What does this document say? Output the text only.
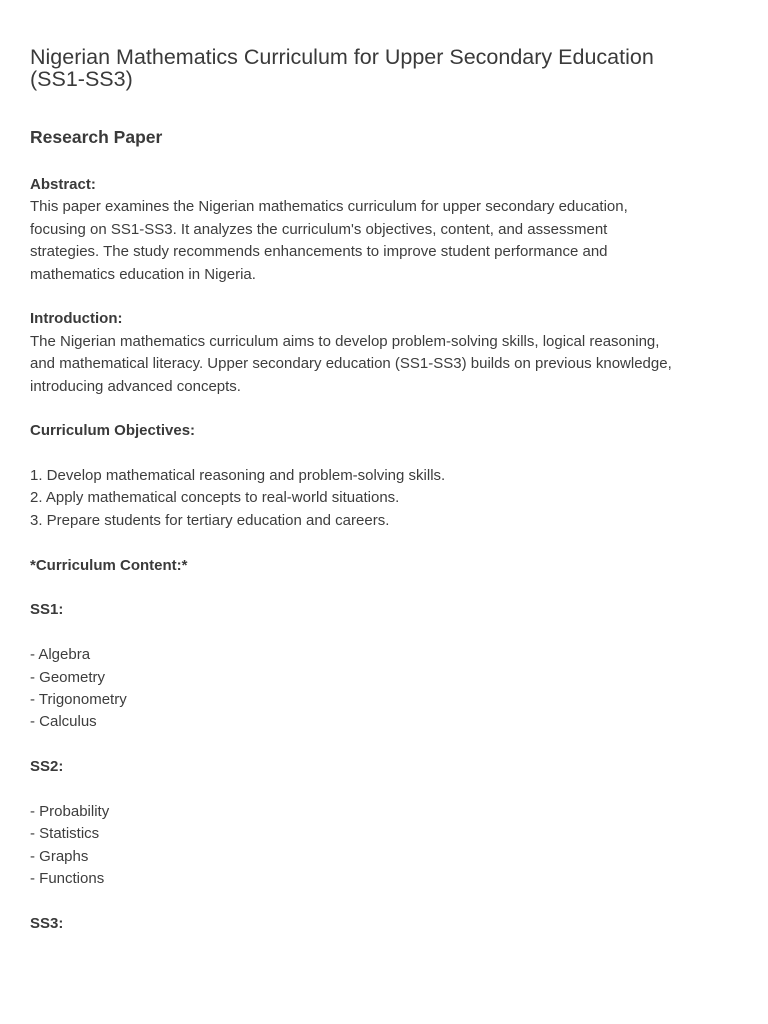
Nigerian Mathematics Curriculum for Upper Secondary Education
(SS1-SS3)
Research Paper
Abstract:
This paper examines the Nigerian mathematics curriculum for upper secondary education,
focusing on SS1-SS3. It analyzes the curriculum's objectives, content, and assessment
strategies. The study recommends enhancements to improve student performance and
mathematics education in Nigeria.
Introduction:
The Nigerian mathematics curriculum aims to develop problem-solving skills, logical reasoning,
and mathematical literacy. Upper secondary education (SS1-SS3) builds on previous knowledge,
introducing advanced concepts.
Curriculum Objectives:
1. Develop mathematical reasoning and problem-solving skills.
2. Apply mathematical concepts to real-world situations.
3. Prepare students for tertiary education and careers.
*Curriculum Content:*
SS1:
- Algebra
- Geometry
- Trigonometry
- Calculus
SS2:
- Probability
- Statistics
- Graphs
- Functions
SS3:
